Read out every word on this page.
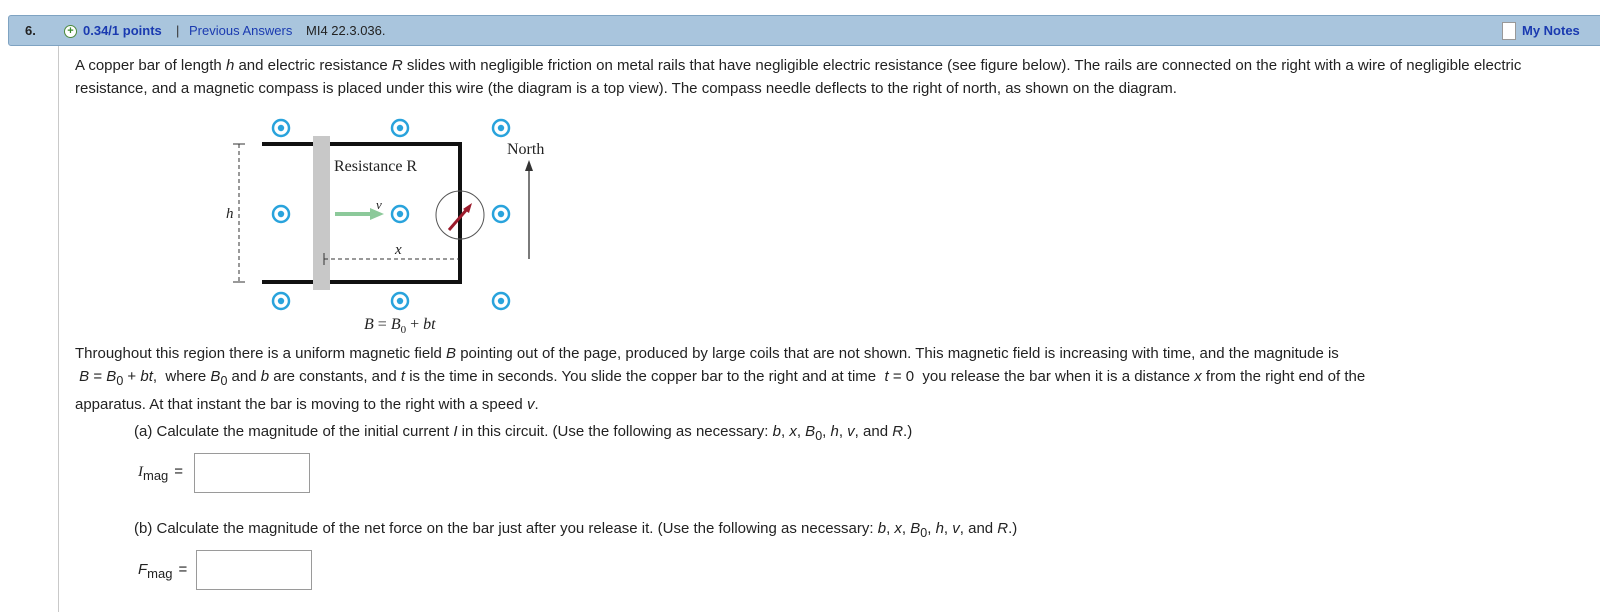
6.	+ 0.34/1 points | Previous Answers MI4 22.3.036.	My Notes
A copper bar of length h and electric resistance R slides with negligible friction on metal rails that have negligible electric resistance (see figure below). The rails are connected on the right with a wire of negligible electric resistance, and a magnetic compass is placed under this wire (the diagram is a top view). The compass needle deflects to the right of north, as shown on the diagram.
h
x
Resistance R
v
North
$B = B_0$ + bt
Throughout this region there is a uniform magnetic field B pointing out of the page, produced by large coils that are not shown. This magnetic field is increasing with time, and the magnitude is
$B = B_0$ + bt,  where $B_0$ and b are constants, and t is the time in seconds. You slide the copper bar to the right and at time  t = 0  you release the bar when it is a distance x from the right end of the
apparatus. At that instant the bar is moving to the right with a speed v.
(a) Calculate the magnitude of the initial current I in this circuit. (Use the following as necessary: b, x, $B_0$, h, v, and R.)
Imag =
(b) Calculate the magnitude of the net force on the bar just after you release it. (Use the following as necessary: b, x, $B_0$, h, v, and R.)
Fmag =
